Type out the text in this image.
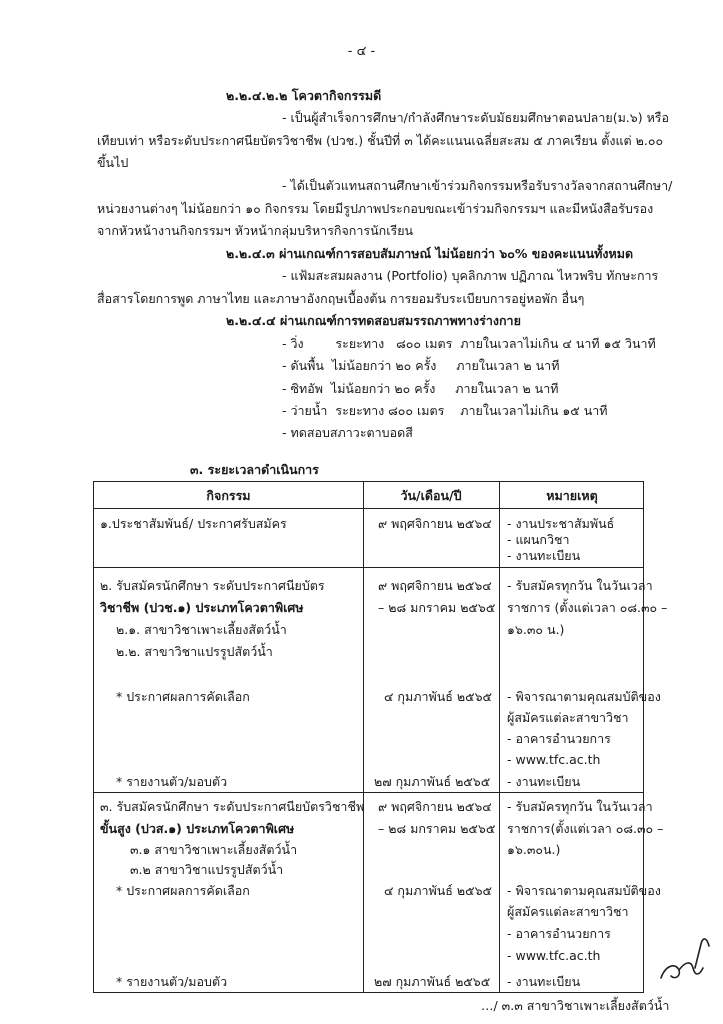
- ๔ -
๒.๒.๔.๒.๒ โควตากิจกรรมดี
- เป็นผู้สำเร็จการศึกษา/กำลังศึกษาระดับมัธยมศึกษาตอนปลาย(ม.๖) หรือ
เทียบเท่า หรือระดับประกาศนียบัตรวิชาชีพ (ปวช.) ชั้นปีที่ ๓ ได้คะแนนเฉลี่ยสะสม ๕ ภาคเรียน ตั้งแต่ ๒.๐๐
ขึ้นไป
- ได้เป็นตัวแทนสถานศึกษาเข้าร่วมกิจกรรมหรือรับรางวัลจากสถานศึกษา/
หน่วยงานต่างๆ ไม่น้อยกว่า ๑๐ กิจกรรม โดยมีรูปภาพประกอบขณะเข้าร่วมกิจกรรมฯ และมีหนังสือรับรอง
จากหัวหน้างานกิจกรรมฯ หัวหน้ากลุ่มบริหารกิจการนักเรียน
๒.๒.๔.๓ ผ่านเกณฑ์การสอบสัมภาษณ์ ไม่น้อยกว่า ๖๐% ของคะแนนทั้งหมด
- แฟ้มสะสมผลงาน (Portfolio) บุคลิกภาพ ปฏิภาณ ไหวพริบ ทักษะการ
สื่อสารโดยการพูด ภาษาไทย และภาษาอังกฤษเบื้องต้น การยอมรับระเบียบการอยู่หอพัก อื่นๆ
๒.๒.๔.๔ ผ่านเกณฑ์การทดสอบสมรรถภาพทางร่างกาย
- วิ่ง        ระยะทาง   ๘๐๐ เมตร  ภายในเวลาไม่เกิน ๔ นาที ๑๕ วินาที
- ดันพื้น  ไม่น้อยกว่า ๒๐ ครั้ง     ภายในเวลา ๒ นาที
- ซิทอัพ  ไม่น้อยกว่า ๒๐ ครั้ง     ภายในเวลา ๒ นาที
- ว่ายน้ำ  ระยะทาง ๘๐๐ เมตร    ภายในเวลาไม่เกิน ๑๕ นาที
- ทดสอบสภาวะตาบอดสี
๓. ระยะเวลาดำเนินการ
กิจกรรม	วัน/เดือน/ปี	หมายเหตุ
๑.ประชาสัมพันธ์/ ประกาศรับสมัคร
๒. รับสมัครนักศึกษา ระดับประกาศนียบัตร
วิชาชีพ (ปวช.๑) ประเภทโควตาพิเศษ
๒.๑. สาขาวิชาเพาะเลี้ยงสัตว์น้ำ
๒.๒. สาขาวิชาแปรรูปสัตว์น้ำ
* ประกาศผลการคัดเลือก
* รายงานตัว/มอบตัว
๓. รับสมัครนักศึกษา ระดับประกาศนียบัตรวิชาชีพ
ขั้นสูง (ปวส.๑) ประเภทโควตาพิเศษ
๓.๑ สาขาวิชาเพาะเลี้ยงสัตว์น้ำ
๓.๒ สาขาวิชาแปรรูปสัตว์น้ำ
* ประกาศผลการคัดเลือก
* รายงานตัว/มอบตัว
๙ พฤศจิกายน ๒๕๖๔
๙ พฤศจิกายน ๒๕๖๔
– ๒๘ มกราคม ๒๕๖๕
๔ กุมภาพันธ์ ๒๕๖๕
๒๗ กุมภาพันธ์ ๒๕๖๕
๙ พฤศจิกายน ๒๕๖๔
– ๒๘ มกราคม ๒๕๖๕
๔ กุมภาพันธ์ ๒๕๖๕
๒๗ กุมภาพันธ์ ๒๕๖๕
- งานประชาสัมพันธ์
- แผนกวิชา
- งานทะเบียน
- รับสมัครทุกวัน ในวันเวลา
ราชการ (ตั้งแต่เวลา ๐๘.๓๐ –
๑๖.๓๐ น.)
- พิจารณาตามคุณสมบัติของ
ผู้สมัครแต่ละสาขาวิชา
- อาคารอำนวยการ
- www.tfc.ac.th
- งานทะเบียน
- รับสมัครทุกวัน ในวันเวลา
ราชการ(ตั้งแต่เวลา ๐๘.๓๐ –
๑๖.๓๐น.)
- พิจารณาตามคุณสมบัติของ
ผู้สมัครแต่ละสาขาวิชา
- อาคารอำนวยการ
- www.tfc.ac.th
- งานทะเบียน
…/ ๓.๓ สาขาวิชาเพาะเลี้ยงสัตว์น้ำ
